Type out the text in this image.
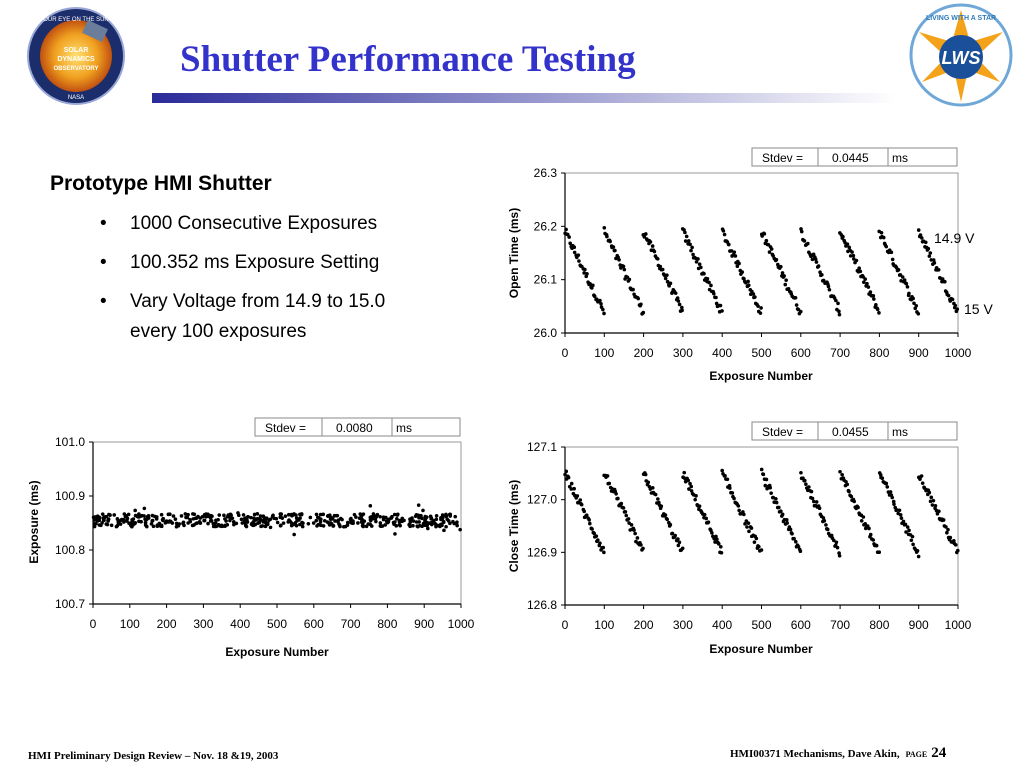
OUR EYE ON THE SUN
SOLAR
DYNAMICS
OBSERVATORY
NASA
LIVING WITH A STAR
LWS
Shutter Performance Testing
Prototype HMI Shutter
• 1000 Consecutive Exposures
• 100.352 ms Exposure Setting
• Vary Voltage from 14.9 to 15.0
every 100 exposures
Stdev = 0.0445 ms
26.3
26.2
26.1
26.0
0 100 200 300 400 500 600 700 800 900 1000
Open Time (ms)
Exposure Number
14.9 V
15 V
Stdev = 0.0080 ms
101.0
100.9
100.8
100.7
0 100 200 300 400 500 600 700 800 900 1000
Exposure (ms)
Exposure Number
Stdev = 0.0455 ms
127.1
127.0
126.9
126.8
0 100 200 300 400 500 600 700 800 900 1000
Close Time (ms)
Exposure Number
HMI Preliminary Design Review – Nov. 18 &19, 2003	HMI00371 Mechanisms, Dave Akin, PAGE 24
